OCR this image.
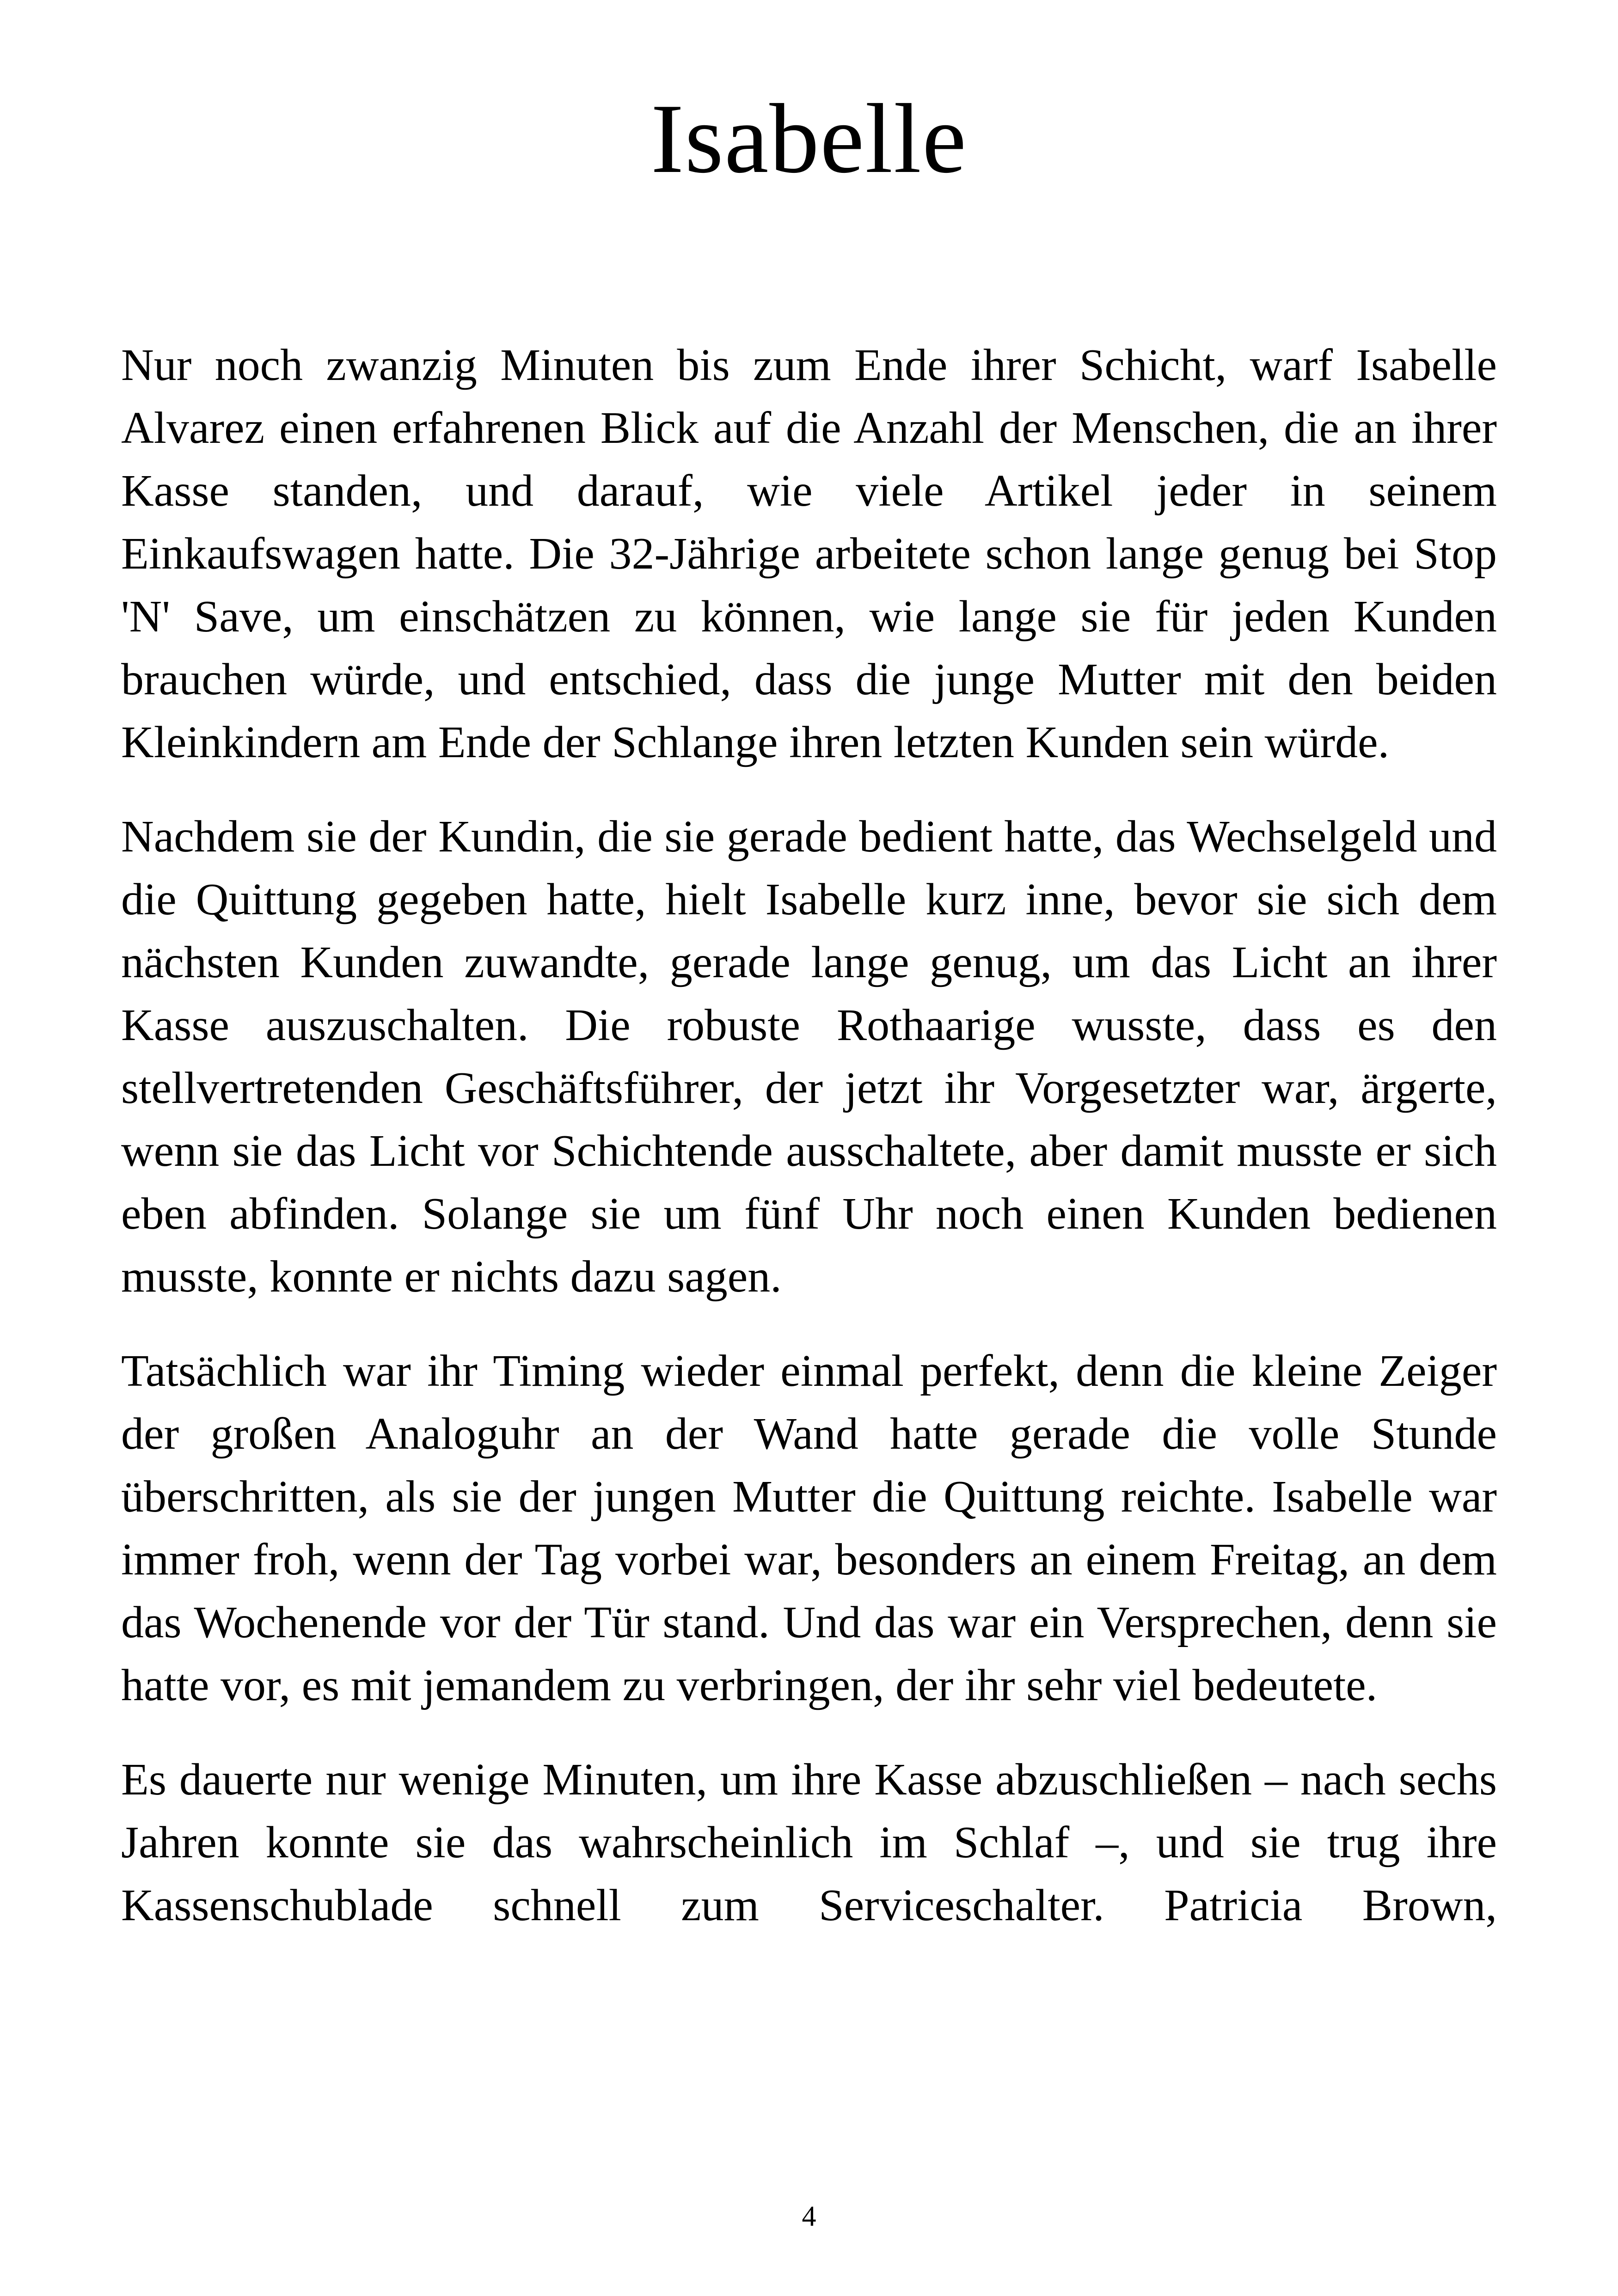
Isabelle

Nur noch zwanzig Minuten bis zum Ende ihrer Schicht, warf Isabelle Alvarez einen erfahrenen Blick auf die Anzahl der Menschen, die an ihrer Kasse standen, und darauf, wie viele Artikel jeder in seinem Einkaufswagen hatte. Die 32-Jährige arbeitete schon lange genug bei Stop 'N' Save, um einschätzen zu können, wie lange sie für jeden Kunden brauchen würde, und entschied, dass die junge Mutter mit den beiden Kleinkindern am Ende der Schlange ihren letzten Kunden sein würde.

Nachdem sie der Kundin, die sie gerade bedient hatte, das Wechselgeld und die Quittung gegeben hatte, hielt Isabelle kurz inne, bevor sie sich dem nächsten Kunden zuwandte, gerade lange genug, um das Licht an ihrer Kasse auszuschalten. Die robuste Rothaarige wusste, dass es den stellvertretenden Geschäftsführer, der jetzt ihr Vorgesetzter war, ärgerte, wenn sie das Licht vor Schichtende ausschaltete, aber damit musste er sich eben abfinden. Solange sie um fünf Uhr noch einen Kunden bedienen musste, konnte er nichts dazu sagen.

Tatsächlich war ihr Timing wieder einmal perfekt, denn die kleine Zeiger der großen Analoguhr an der Wand hatte gerade die volle Stunde überschritten, als sie der jungen Mutter die Quittung reichte. Isabelle war immer froh, wenn der Tag vorbei war, besonders an einem Freitag, an dem das Wochenende vor der Tür stand. Und das war ein Versprechen, denn sie hatte vor, es mit jemandem zu verbringen, der ihr sehr viel bedeutete.

Es dauerte nur wenige Minuten, um ihre Kasse abzuschließen – nach sechs Jahren konnte sie das wahrscheinlich im Schlaf –, und sie trug ihre Kassenschublade schnell zum Serviceschalter. Patricia Brown,

4
